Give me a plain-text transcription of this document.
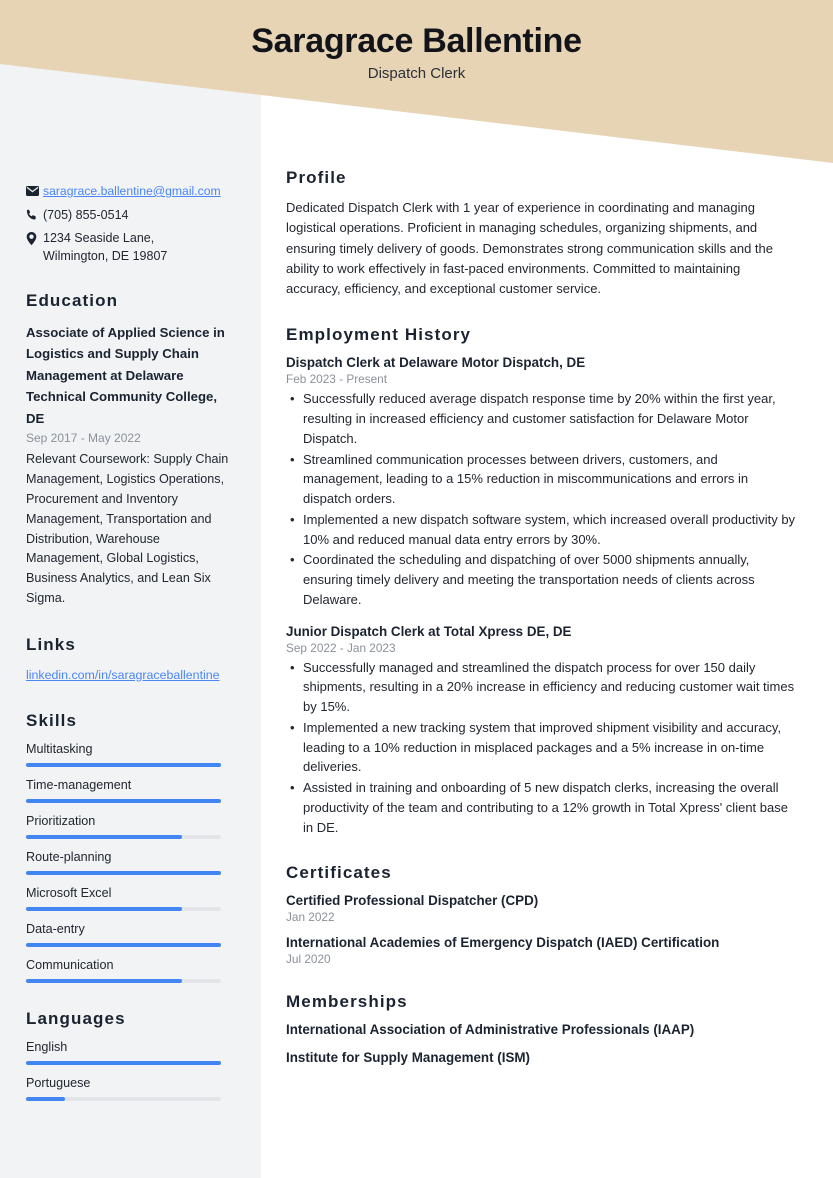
saragrace.ballentine@gmail.com
(705) 855-0514
1234 Seaside Lane,
Wilmington, DE 19807
Education
Associate of Applied Science in Logistics and Supply Chain Management at Delaware Technical Community College, DE
Sep 2017 - May 2022
Relevant Coursework: Supply Chain Management, Logistics Operations, Procurement and Inventory Management, Transportation and Distribution, Warehouse Management, Global Logistics, Business Analytics, and Lean Six Sigma.
Links
linkedin.com/in/saragraceballentine
Skills
Multitasking
Time-management
Prioritization
Route-planning
Microsoft Excel
Data-entry
Communication
Languages
English
Portuguese
Saragrace Ballentine
Dispatch Clerk
Profile
Dedicated Dispatch Clerk with 1 year of experience in coordinating and managing logistical operations. Proficient in managing schedules, organizing shipments, and ensuring timely delivery of goods. Demonstrates strong communication skills and the ability to work effectively in fast-paced environments. Committed to maintaining accuracy, efficiency, and exceptional customer service.
Employment History
Dispatch Clerk at Delaware Motor Dispatch, DE
Feb 2023 - Present
• Successfully reduced average dispatch response time by 20% within the first year, resulting in increased efficiency and customer satisfaction for Delaware Motor Dispatch.
• Streamlined communication processes between drivers, customers, and management, leading to a 15% reduction in miscommunications and errors in dispatch orders.
• Implemented a new dispatch software system, which increased overall productivity by 10% and reduced manual data entry errors by 30%.
• Coordinated the scheduling and dispatching of over 5000 shipments annually, ensuring timely delivery and meeting the transportation needs of clients across Delaware.
Junior Dispatch Clerk at Total Xpress DE, DE
Sep 2022 - Jan 2023
• Successfully managed and streamlined the dispatch process for over 150 daily shipments, resulting in a 20% increase in efficiency and reducing customer wait times by 15%.
• Implemented a new tracking system that improved shipment visibility and accuracy, leading to a 10% reduction in misplaced packages and a 5% increase in on-time deliveries.
• Assisted in training and onboarding of 5 new dispatch clerks, increasing the overall productivity of the team and contributing to a 12% growth in Total Xpress' client base in DE.
Certificates
Certified Professional Dispatcher (CPD)
Jan 2022
International Academies of Emergency Dispatch (IAED) Certification
Jul 2020
Memberships
International Association of Administrative Professionals (IAAP)
Institute for Supply Management (ISM)
